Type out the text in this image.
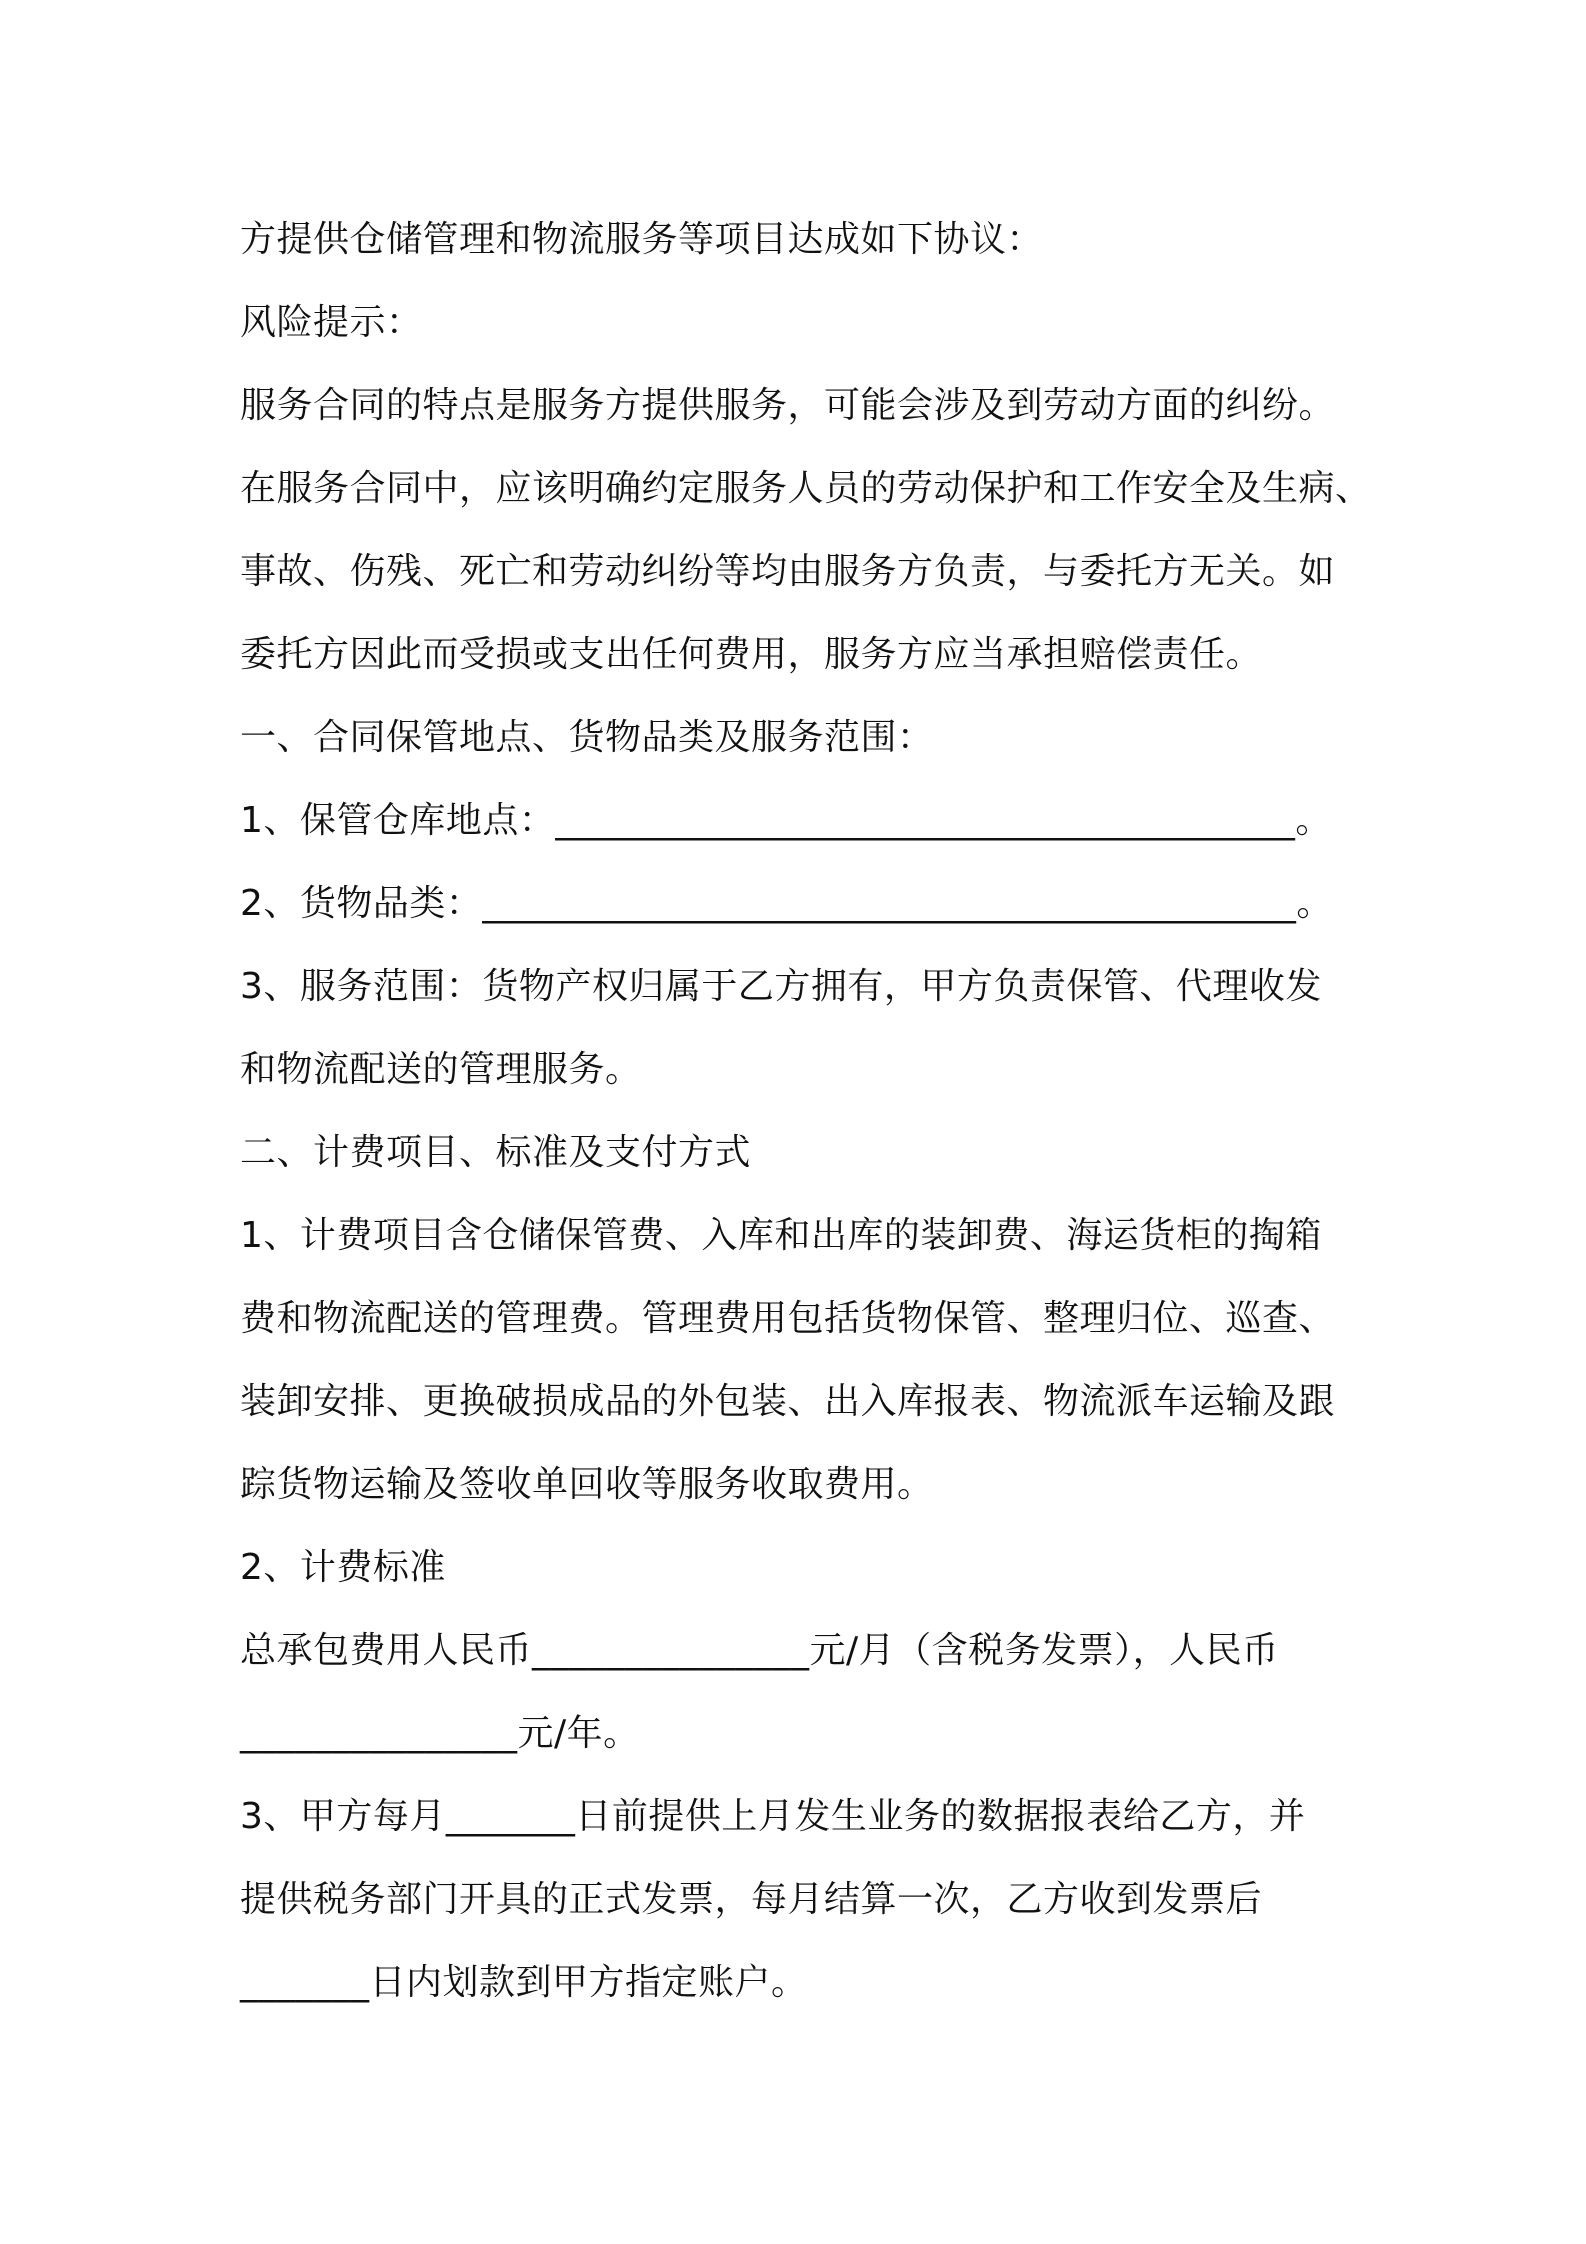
方提供仓储管理和物流服务等项目达成如下协议：
风险提示：
服务合同的特点是服务方提供服务，可能会涉及到劳动方面的纠纷。
在服务合同中，应该明确约定服务人员的劳动保护和工作安全及生病、
事故、伤残、死亡和劳动纠纷等均由服务方负责，与委托方无关。如
委托方因此而受损或支出任何费用，服务方应当承担赔偿责任。
一、合同保管地点、货物品类及服务范围：
1、保管仓库地点：________________________________________。
2、货物品类：____________________________________________。
3、服务范围：货物产权归属于乙方拥有，甲方负责保管、代理收发
和物流配送的管理服务。
二、计费项目、标准及支付方式
1、计费项目含仓储保管费、入库和出库的装卸费、海运货柜的掏箱
费和物流配送的管理费。管理费用包括货物保管、整理归位、巡查、
装卸安排、更换破损成品的外包装、出入库报表、物流派车运输及跟
踪货物运输及签收单回收等服务收取费用。
2、计费标准
总承包费用人民币_______________元/月（含税务发票），人民币
_______________元/年。
3、甲方每月_______日前提供上月发生业务的数据报表给乙方，并
提供税务部门开具的正式发票，每月结算一次，乙方收到发票后
_______日内划款到甲方指定账户。
